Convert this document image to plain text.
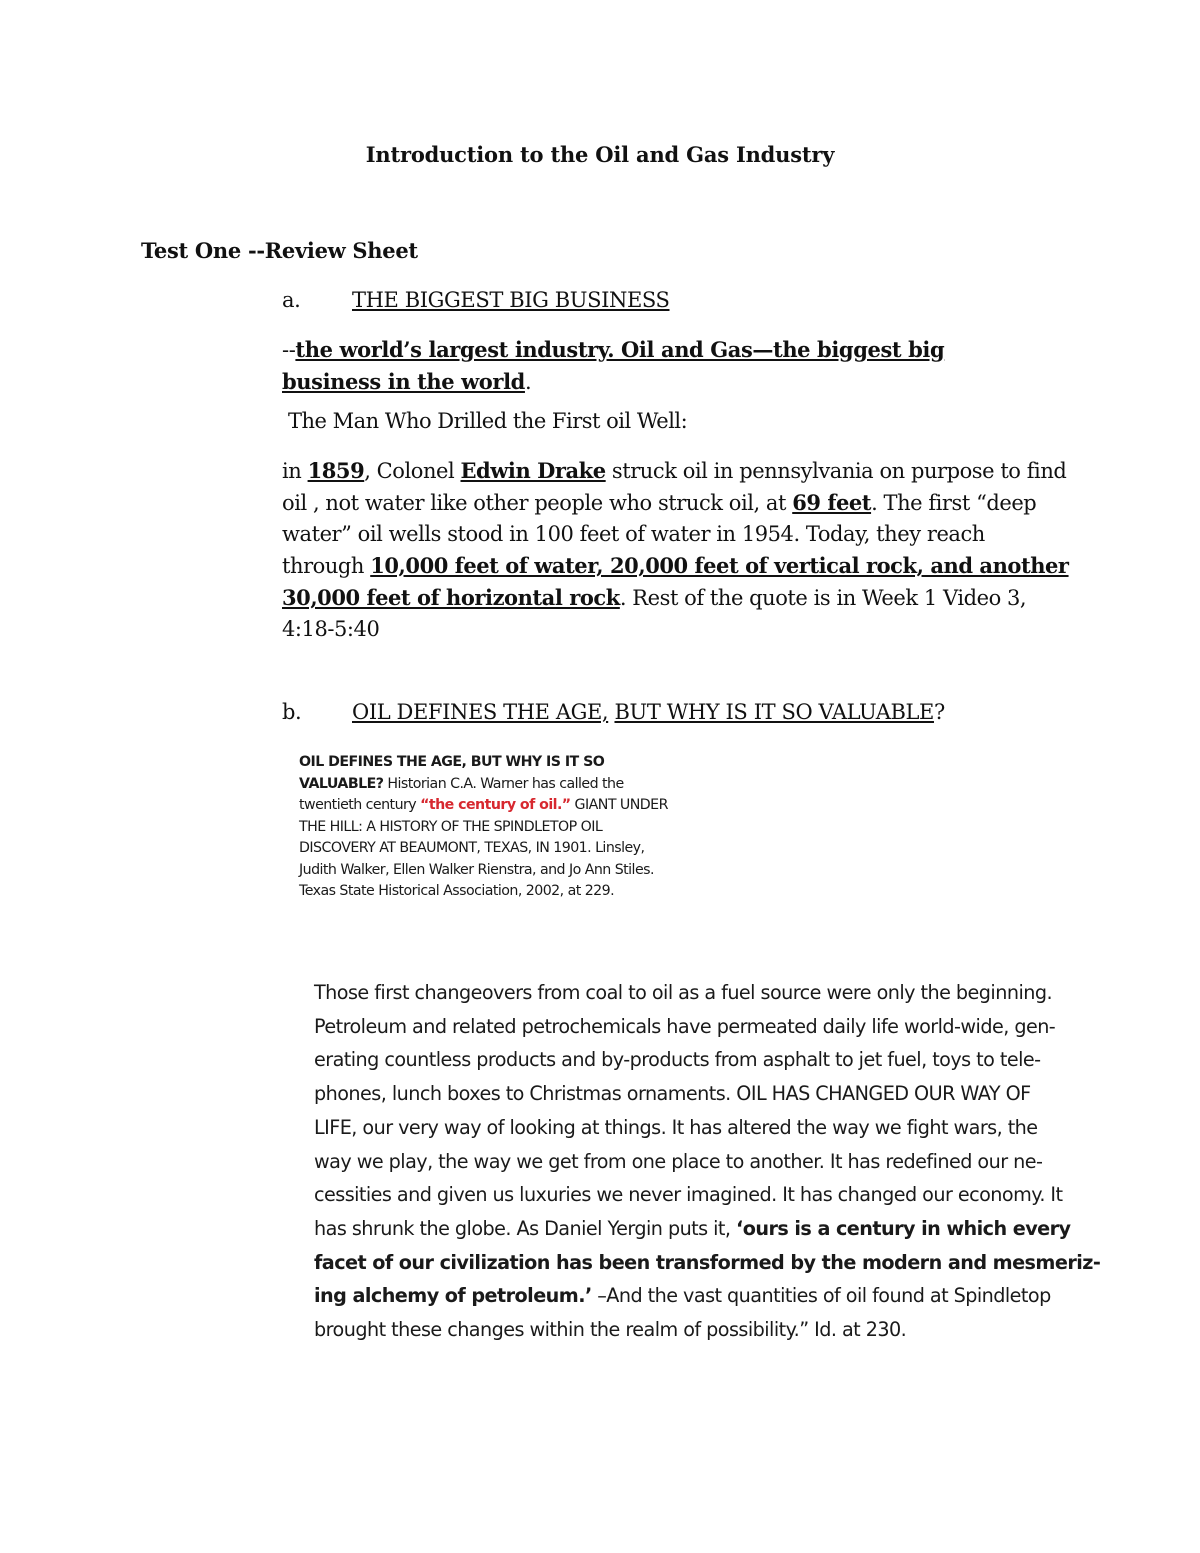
Introduction to the Oil and Gas Industry
Test One --Review Sheet
a. THE BIGGEST BIG BUSINESS
--the world’s largest industry. Oil and Gas—the biggest big business in the world.
The Man Who Drilled the First oil Well:
in 1859, Colonel Edwin Drake struck oil in pennsylvania on purpose to find oil , not water like other people who struck oil, at 69 feet. The first “deep water” oil wells stood in 100 feet of water in 1954. Today, they reach through 10,000 feet of water, 20,000 feet of vertical rock, and another 30,000 feet of horizontal rock. Rest of the quote is in Week 1 Video 3, 4:18-5:40
b. OIL DEFINES THE AGE, BUT WHY IS IT SO VALUABLE?
OIL DEFINES THE AGE, BUT WHY IS IT SO VALUABLE? Historian C.A. Warner has called the twentieth century “the century of oil.” GIANT UNDER THE HILL: A HISTORY OF THE SPINDLETOP OIL DISCOVERY AT BEAUMONT, TEXAS, IN 1901. Linsley, Judith Walker, Ellen Walker Rienstra, and Jo Ann Stiles. Texas State Historical Association, 2002, at 229.
Those first changeovers from coal to oil as a fuel source were only the beginning.
Petroleum and related petrochemicals have permeated daily life world-wide, gen-
erating countless products and by-products from asphalt to jet fuel, toys to tele-
phones, lunch boxes to Christmas ornaments. OIL HAS CHANGED OUR WAY OF
LIFE, our very way of looking at things. It has altered the way we fight wars, the
way we play, the way we get from one place to another. It has redefined our ne-
cessities and given us luxuries we never imagined. It has changed our economy. It
has shrunk the globe. As Daniel Yergin puts it, ‘ours is a century in which every
facet of our civilization has been transformed by the modern and mesmeriz-
ing alchemy of petroleum.’ –And the vast quantities of oil found at Spindletop
brought these changes within the realm of possibility.” Id. at 230.
